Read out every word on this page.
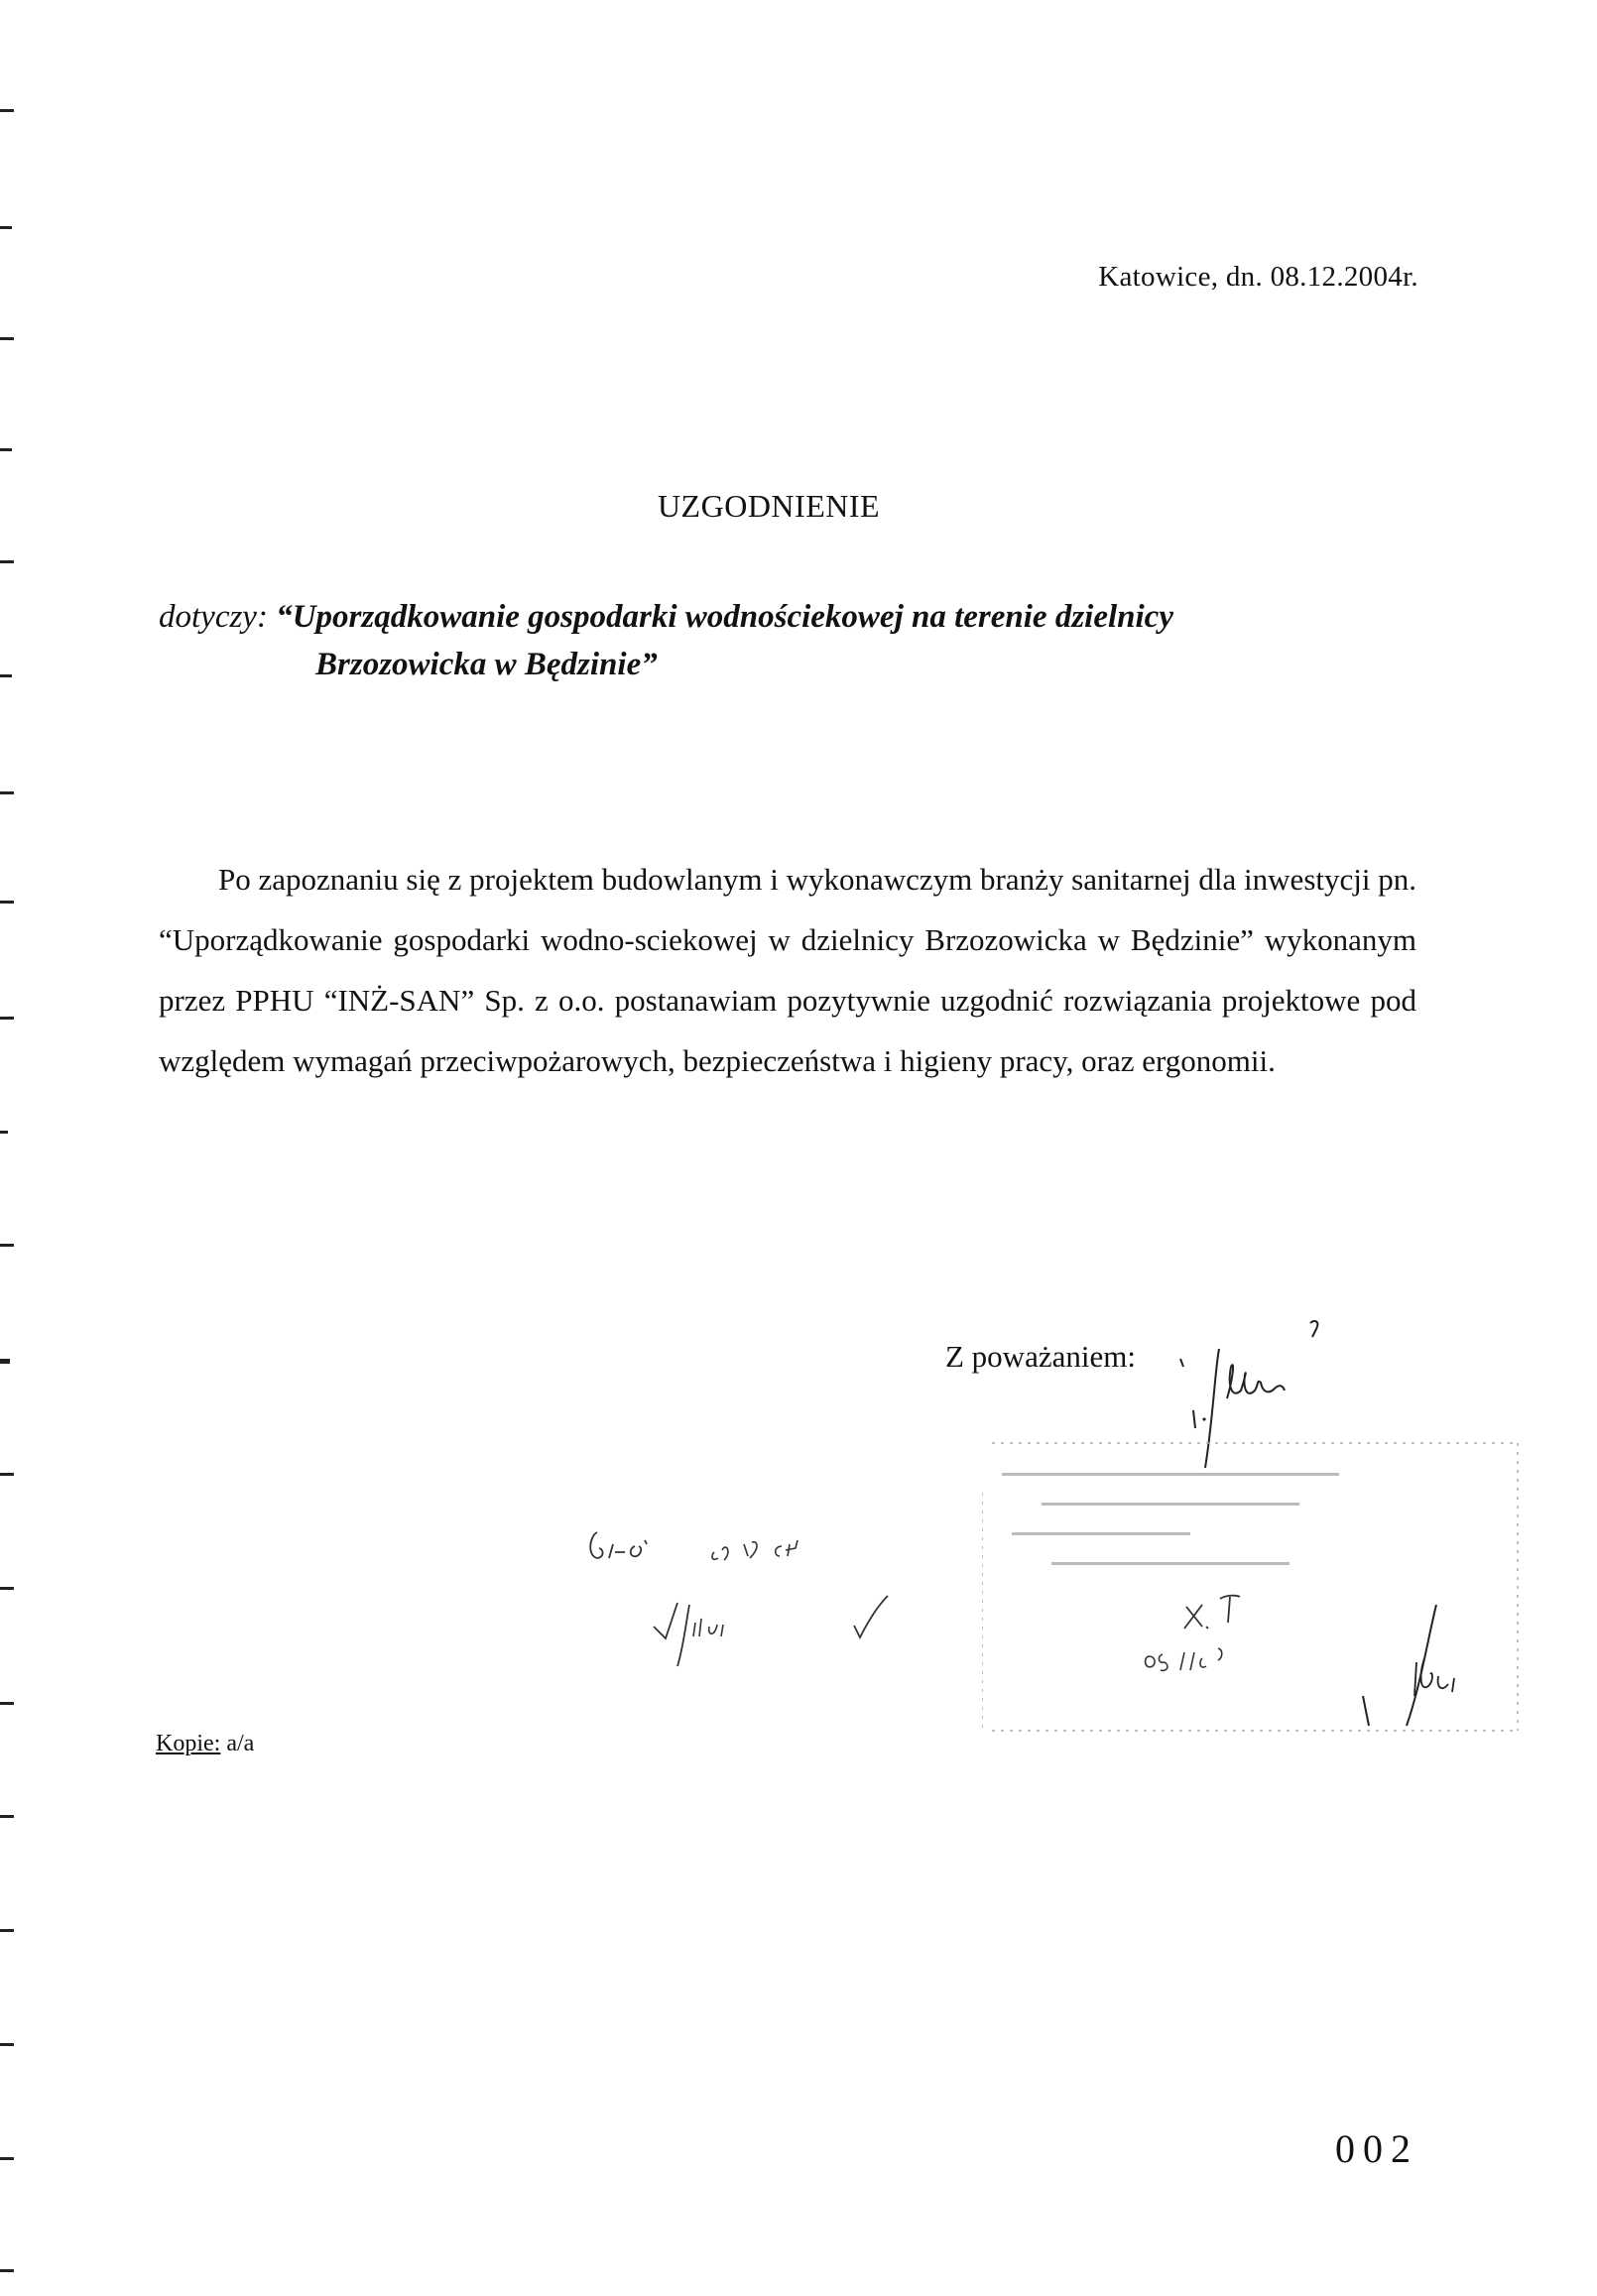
Katowice, dn. 08.12.2004r.
UZGODNIENIE
dotyczy: “Uporządkowanie gospodarki wodnościekowej na terenie dzielnicy
Brzozowicka w Będzinie”
Po zapoznaniu się z projektem budowlanym i wykonawczym branży sanitarnej dla inwestycji pn. “Uporządkowanie gospodarki wodno-sciekowej w dzielnicy Brzozowicka w Będzinie” wykonanym przez PPHU “INŻ-SAN” Sp. z o.o. postanawiam pozytywnie uzgodnić rozwiązania projektowe pod względem wymagań przeciwpożarowych, bezpieczeństwa i higieny pracy, oraz ergonomii.
Z poważaniem:
Kopie: a/a
002
